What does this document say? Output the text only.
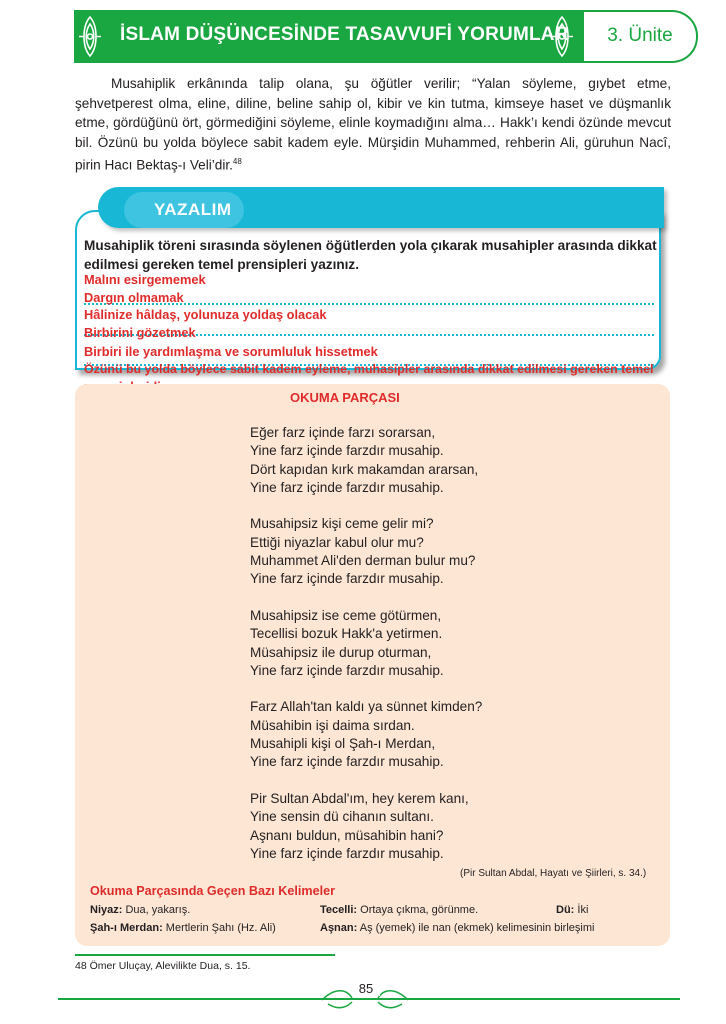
İSLAM DÜŞÜNCESİNDE TASAVVUFİ YORUMLAR	3. Ünite

Musahiplik erkânında talip olana, şu öğütler verilir; “Yalan söyleme, gıybet etme, şehvetperest olma, eline, diline, beline sahip ol, kibir ve kin tutma, kimseye haset ve düşmanlık etme, gördüğünü ört, görmediğini söyleme, elinle koymadığını alma… Hakk’ı kendi özünde mevcut bil. Özünü bu yolda böylece sabit kadem eyle. Mürşidin Muhammed, rehberin Ali, güruhun Nacî, pirin Hacı Bektaş-ı Veli’dir.$^{48}$

YAZALIM

Musahiplik töreni sırasında söylenen öğütlerden yola çıkarak musahipler arasında dikkat edilmesi gereken temel prensipleri yazınız.

Malını esirgememek
Dargın olmamak
Hâlinize hâldaş, yolunuza yoldaş olacak
Birbirini gözetmek
Birbiri ile yardımlaşma ve sorumluluk hissetmek
Özünü bu yolda böylece sabit kadem eyleme, muhasipler arasında dikkat edilmesi gereken temel
OKUMA PARÇASI
Eğer farz içinde farzı sorarsan,
Yine farz içinde farzdır musahip.
Dört kapıdan kırk makamdan ararsan,
Yine farz içinde farzdır musahip.
Musahipsiz kişi ceme gelir mi?
Ettiği niyazlar kabul olur mu?
Muhammet Ali'den derman bulur mu?
Yine farz içinde farzdır musahip.
Musahipsiz ise ceme götürmen,
Tecellisi bozuk Hakk'a yetirmen.
Müsahipsiz ile durup oturman,
Yine farz içinde farzdır musahip.
Farz Allah'tan kaldı ya sünnet kimden?
Müsahibin işi daima sırdan.
Musahipli kişi ol Şah-ı Merdan,
Yine farz içinde farzdır musahip.
Pir Sultan Abdal'ım, hey kerem kanı,
Yine sensin dü cihanın sultanı.
Aşnanı buldun, müsahibin hani?
Yine farz içinde farzdır musahip.
(Pir Sultan Abdal, Hayatı ve Şiirleri, s. 34.)
Okuma Parçasında Geçen Bazı Kelimeler
Niyaz: Dua, yakarış.	Tecelli: Ortaya çıkma, görünme.	Dü: İki
Şah-ı Merdan: Mertlerin Şahı (Hz. Ali)	Aşnan: Aş (yemek) ile nan (ekmek) kelimesinin birleşimi
48 Ömer Uluçay, Alevilikte Dua, s. 15.
85
